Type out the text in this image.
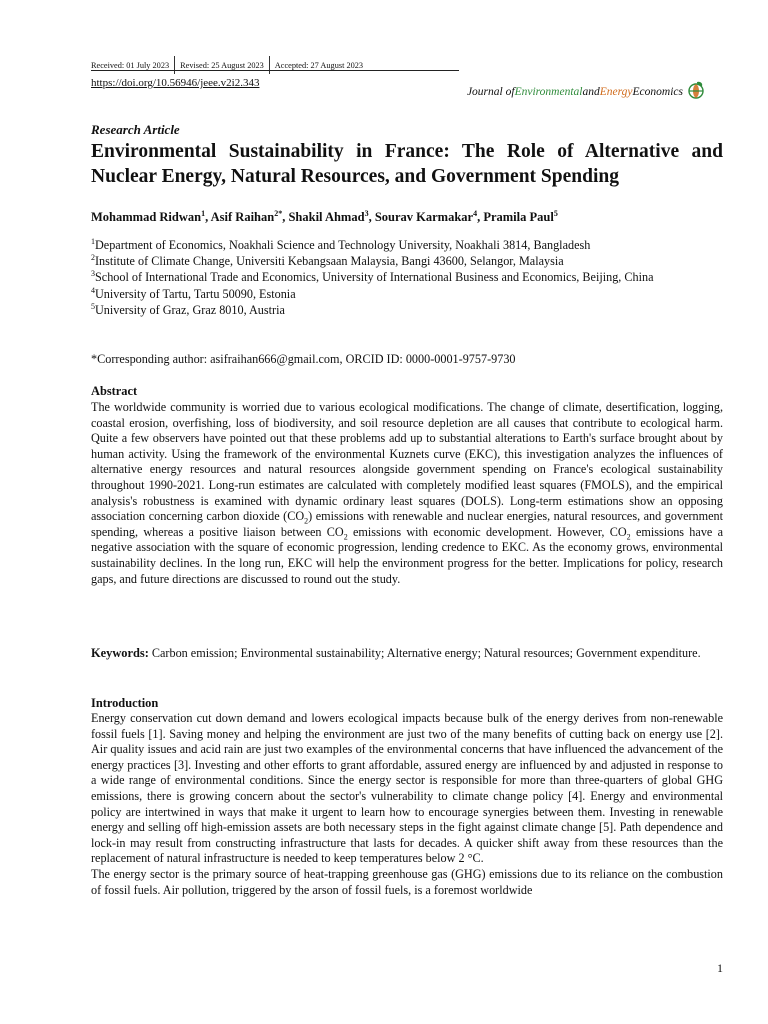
Received: 01 July 2023	Revised: 25 August 2023	Accepted: 27 August 2023
https://doi.org/10.56946/jeee.v2i2.343
Journal of Environmental and Energy Economics
Research Article
Environmental Sustainability in France: The Role of Alternative and Nuclear Energy, Natural Resources, and Government Spending
Mohammad Ridwan$^1$, Asif Raihan$^{2*}$, Shakil Ahmad$^3$, Sourav Karmakar$^4$, Pramila Paul$^5$
$^1$Department of Economics, Noakhali Science and Technology University, Noakhali 3814, Bangladesh
$^2$Institute of Climate Change, Universiti Kebangsaan Malaysia, Bangi 43600, Selangor, Malaysia
$^3$School of International Trade and Economics, University of International Business and Economics, Beijing, China
$^4$University of Tartu, Tartu 50090, Estonia
$^5$University of Graz, Graz 8010, Austria
*Corresponding author: asifraihan666@gmail.com, ORCID ID: 0000-0001-9757-9730
Abstract
The worldwide community is worried due to various ecological modifications. The change of climate, desertification, logging, coastal erosion, overfishing, loss of biodiversity, and soil resource depletion are all causes that contribute to ecological harm. Quite a few observers have pointed out that these problems add up to substantial alterations to Earth's surface brought about by human activity. Using the framework of the environmental Kuznets curve (EKC), this investigation analyzes the influences of alternative energy resources and natural resources alongside government spending on France's ecological sustainability throughout 1990-2021. Long-run estimates are calculated with completely modified least squares (FMOLS), and the empirical analysis's robustness is examined with dynamic ordinary least squares (DOLS). Long-term estimations show an opposing association concerning carbon dioxide $(CO_2)$ emissions with renewable and nuclear energies, natural resources, and government spending, whereas a positive liaison between $CO_2$ emissions with economic development. However, $CO_2$ emissions have a negative association with the square of economic progression, lending credence to EKC. As the economy grows, environmental sustainability declines. In the long run, EKC will help the environment progress for the better. Implications for policy, research gaps, and future directions are discussed to round out the study.
Keywords: Carbon emission; Environmental sustainability; Alternative energy; Natural resources; Government expenditure.
Introduction
Energy conservation cut down demand and lowers ecological impacts because bulk of the energy derives from non-renewable fossil fuels [1]. Saving money and helping the environment are just two of the many benefits of cutting back on energy use [2]. Air quality issues and acid rain are just two examples of the environmental concerns that have influenced the advancement of the energy practices [3]. Investing and other efforts to grant affordable, assured energy are influenced by and adjusted in response to a wide range of environmental conditions. Since the energy sector is responsible for more than three-quarters of global GHG emissions, there is growing concern about the sector's vulnerability to climate change policy [4]. Energy and environmental policy are intertwined in ways that make it urgent to learn how to encourage synergies between them. Investing in renewable energy and selling off high-emission assets are both necessary steps in the fight against climate change [5]. Path dependence and lock-in may result from constructing infrastructure that lasts for decades. A quicker shift away from these resources than the replacement of natural infrastructure is needed to keep temperatures below 2 °C.
The energy sector is the primary source of heat-trapping greenhouse gas (GHG) emissions due to its reliance on the combustion of fossil fuels. Air pollution, triggered by the arson of fossil fuels, is a foremost worldwide
1
